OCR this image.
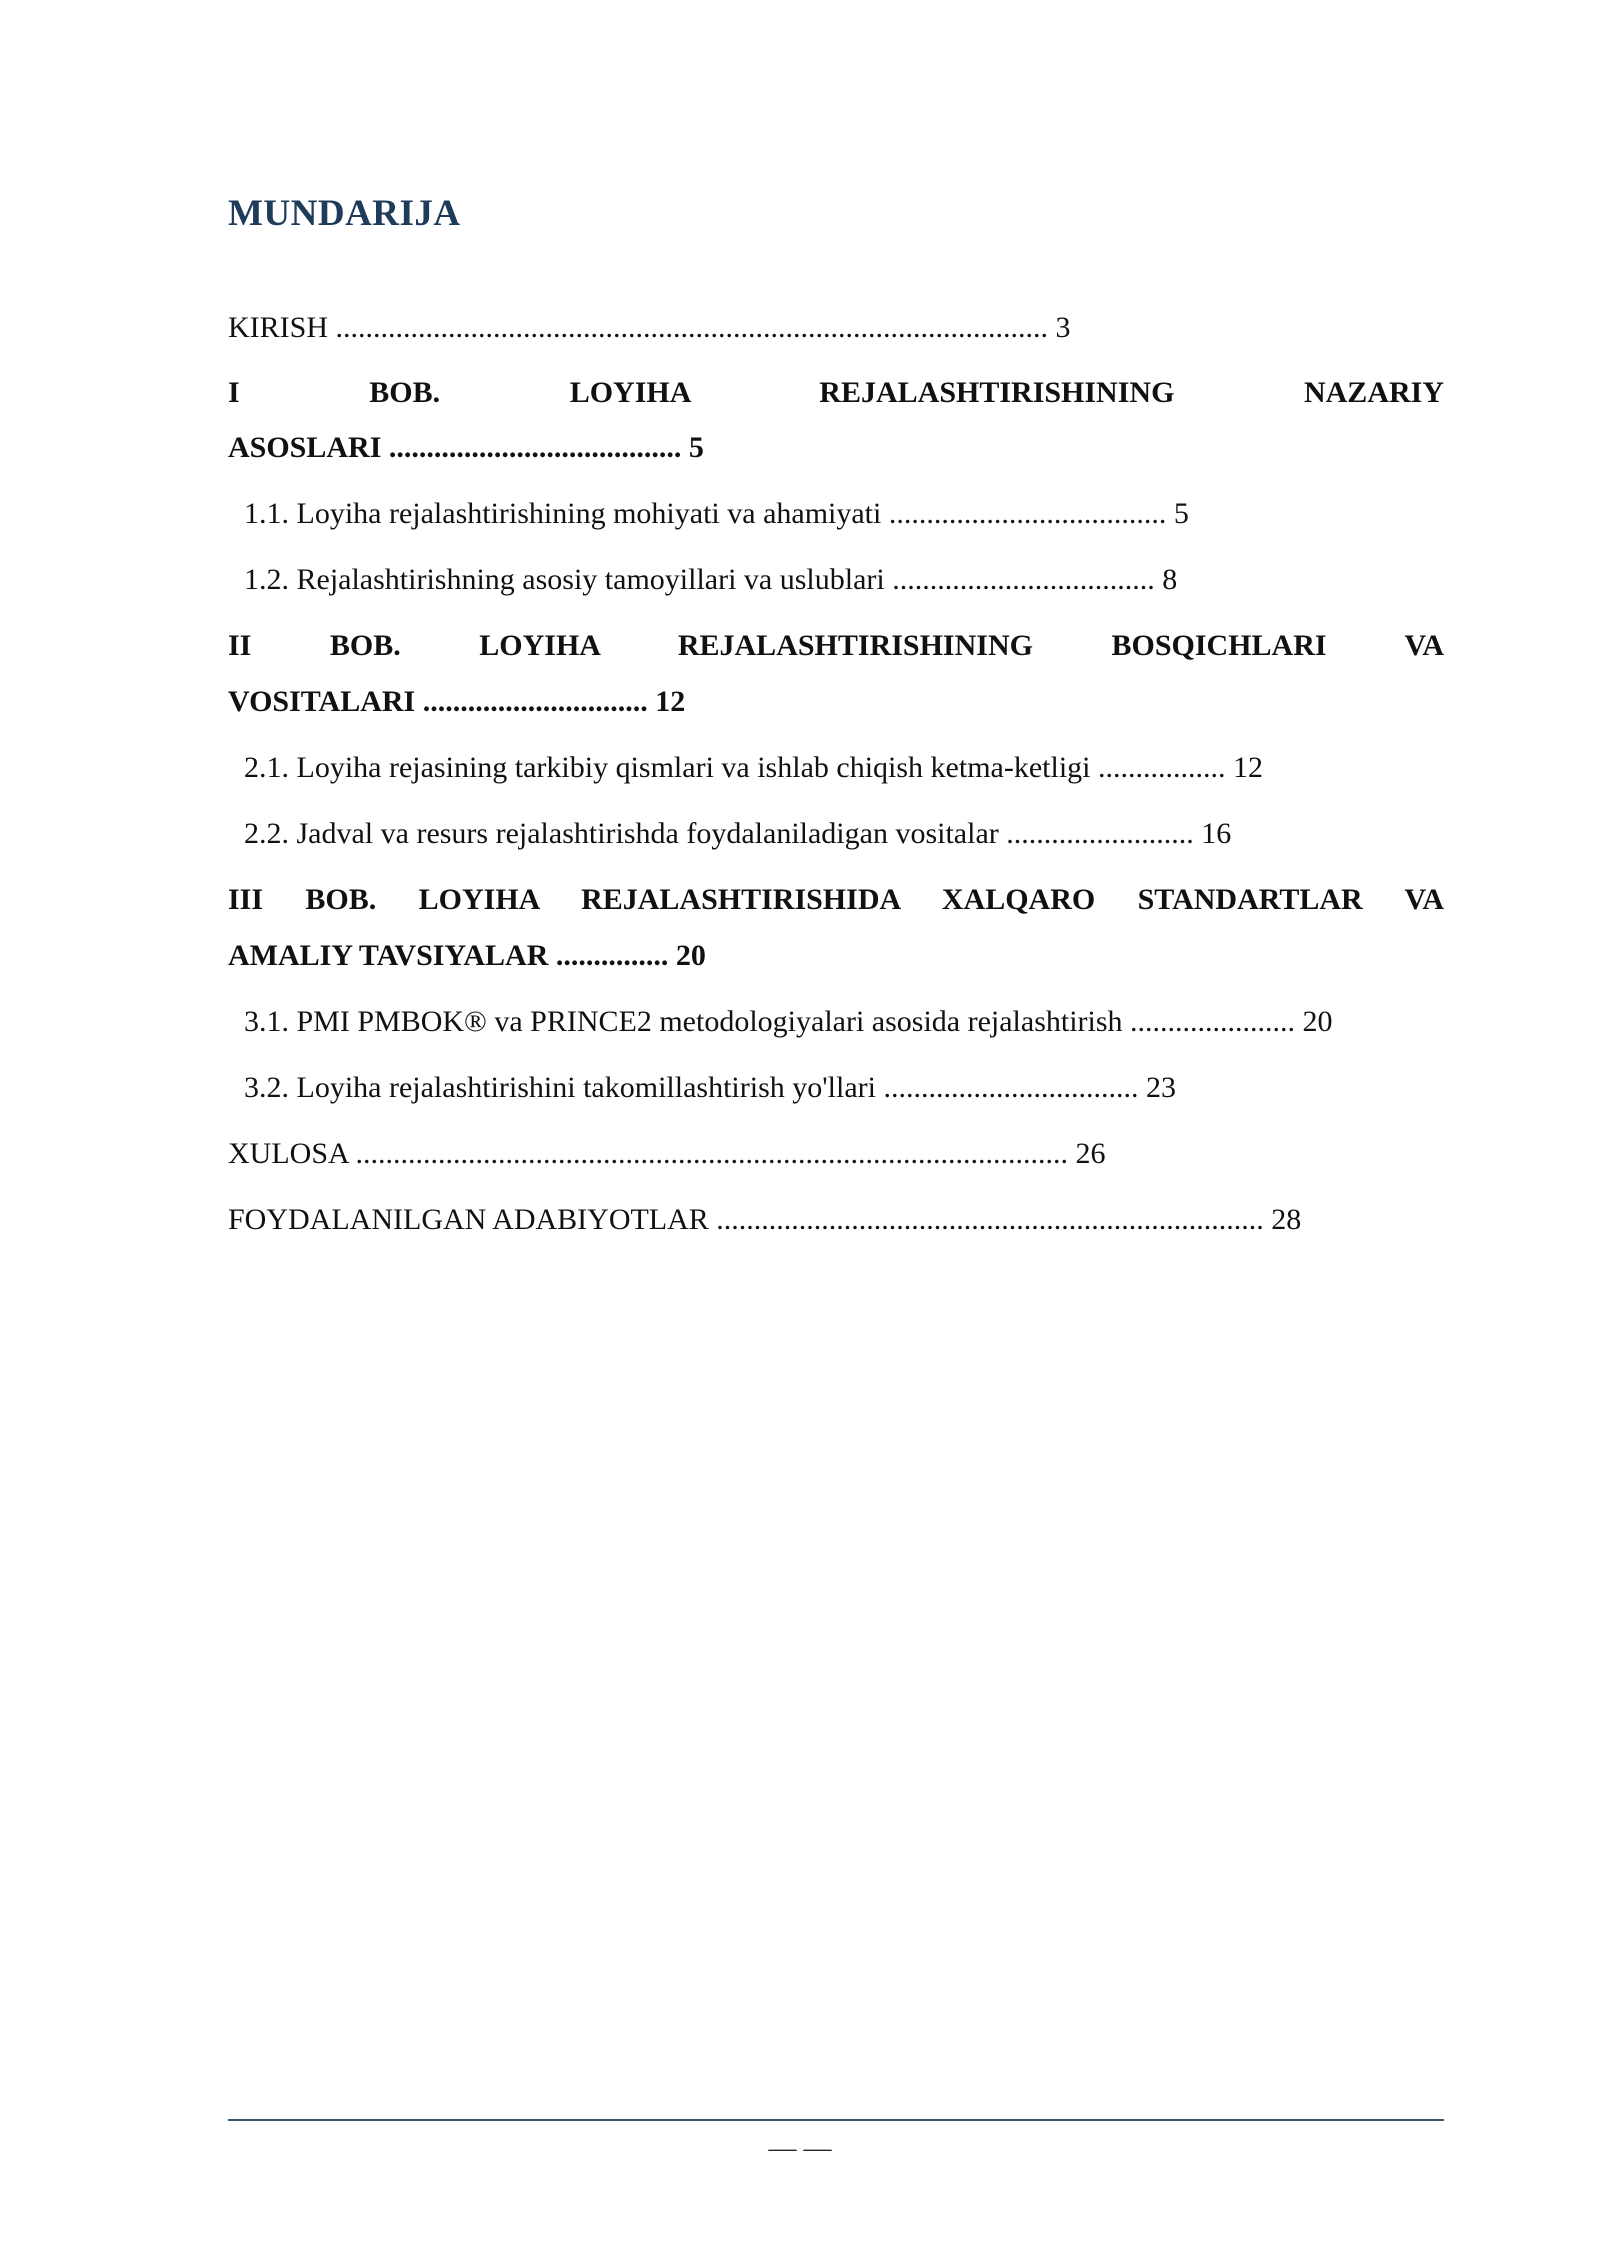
MUNDARIJA
KIRISH ............................................................................................... 3
I BOB. LOYIHA REJALASHTIRISHINING NAZARIY
ASOSLARI ....................................... 5
1.1. Loyiha rejalashtirishining mohiyati va ahamiyati ..................................... 5
1.2. Rejalashtirishning asosiy tamoyillari va uslublari ................................... 8
II BOB. LOYIHA REJALASHTIRISHINING BOSQICHLARI VA
VOSITALARI .............................. 12
2.1. Loyiha rejasining tarkibiy qismlari va ishlab chiqish ketma-ketligi ................. 12
2.2. Jadval va resurs rejalashtirishda foydalaniladigan vositalar ......................... 16
III BOB. LOYIHA REJALASHTIRISHIDA XALQARO STANDARTLAR VA
AMALIY TAVSIYALAR ............... 20
3.1. PMI PMBOK® va PRINCE2 metodologiyalari asosida rejalashtirish ...................... 20
3.2. Loyiha rejalashtirishini takomillashtirish yo'llari .................................. 23
XULOSA ............................................................................................... 26
FOYDALANILGAN ADABIYOTLAR ......................................................................... 28
— —
